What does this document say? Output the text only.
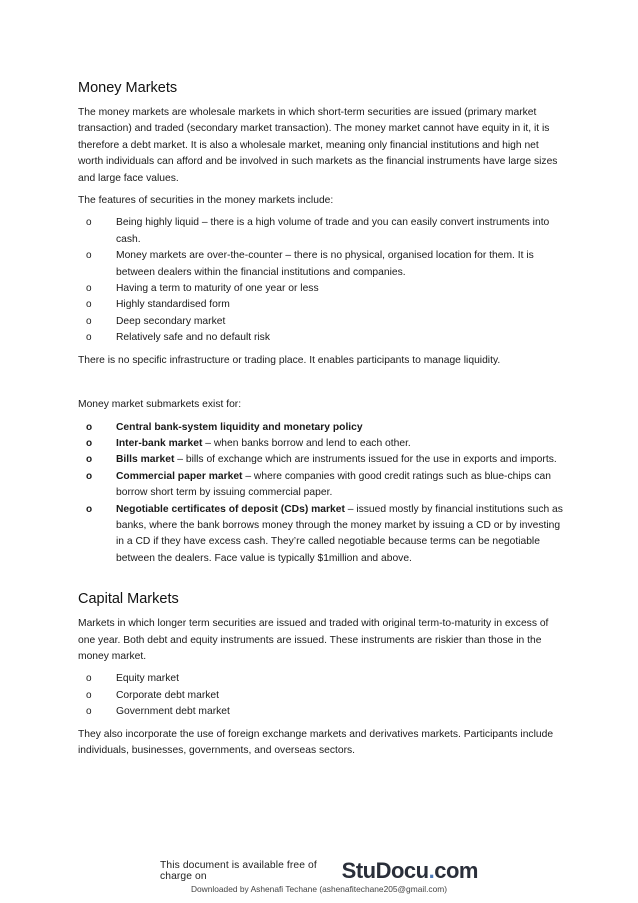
Money Markets

The money markets are wholesale markets in which short-term securities are issued (primary market transaction) and traded (secondary market transaction). The money market cannot have equity in it, it is therefore a debt market. It is also a wholesale market, meaning only financial institutions and high net worth individuals can afford and be involved in such markets as the financial instruments have large sizes and large face values.

The features of securities in the money markets include:

o Being highly liquid – there is a high volume of trade and you can easily convert instruments into cash.
o Money markets are over-the-counter – there is no physical, organised location for them. It is between dealers within the financial institutions and companies.
o Having a term to maturity of one year or less
o Highly standardised form
o Deep secondary market
o Relatively safe and no default risk

There is no specific infrastructure or trading place. It enables participants to manage liquidity.

Money market submarkets exist for:

o Central bank-system liquidity and monetary policy
o Inter-bank market – when banks borrow and lend to each other.
o Bills market – bills of exchange which are instruments issued for the use in exports and imports.
o Commercial paper market – where companies with good credit ratings such as blue-chips can borrow short term by issuing commercial paper.
o Negotiable certificates of deposit (CDs) market – issued mostly by financial institutions such as banks, where the bank borrows money through the money market by issuing a CD or by investing in a CD if they have excess cash. They’re called negotiable because terms can be negotiable between the dealers. Face value is typically $1million and above.
Capital Markets

Markets in which longer term securities are issued and traded with original term-to-maturity in excess of one year. Both debt and equity instruments are issued. These instruments are riskier than those in the money market.

o Equity market
o Corporate debt market
o Government debt market

They also incorporate the use of foreign exchange markets and derivatives markets. Participants include individuals, businesses, governments, and overseas sectors.

This document is available free of charge on	StuDocu.com
Downloaded by Ashenafi Techane (ashenafitechane205@gmail.com)
